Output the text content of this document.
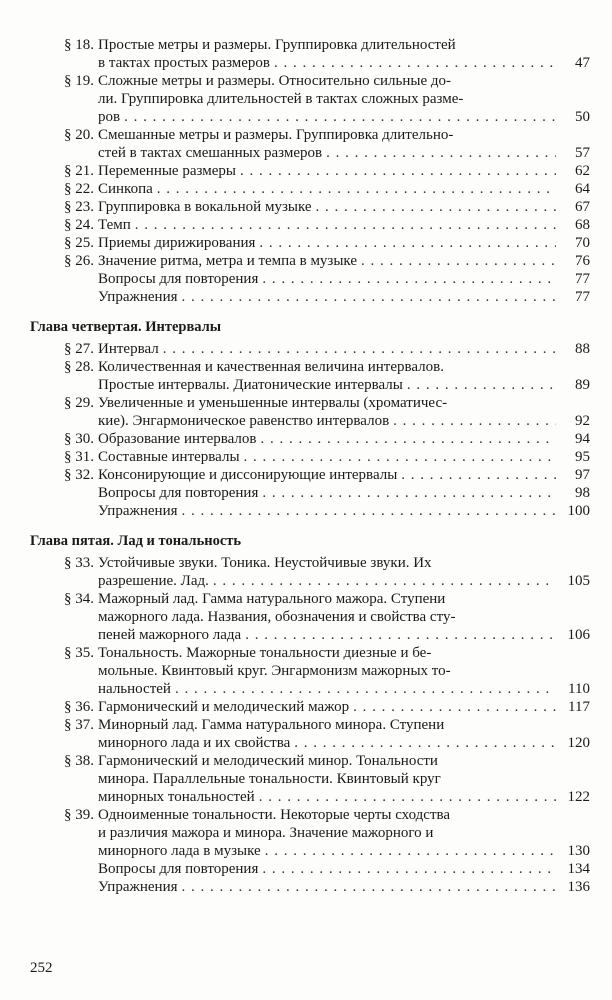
§ 18. Простые метры и размеры. Группировка длительностей
в тактах простых размеров . . .	47
§ 19. Сложные метры и размеры. Относительно сильные до-
ли. Группировка длительностей в тактах сложных разме-
ров . . .	50
§ 20. Смешанные метры и размеры. Группировка длительно-
стей в тактах смешанных размеров . . .	57
§ 21. Переменные размеры . . .	62
§ 22. Синкопа . . .	64
§ 23. Группировка в вокальной музыке . . .	67
§ 24. Темп . . .	68
§ 25. Приемы дирижирования . . .	70
§ 26. Значение ритма, метра и темпа в музыке . . .	76
Вопросы для повторения . . .	77
Упражнения . . .	77
Глава четвертая. Интервалы
§ 27. Интервал . . .	88
§ 28. Количественная и качественная величина интервалов.
Простые интервалы. Диатонические интервалы . . .	89
§ 29. Увеличенные и уменьшенные интервалы (хроматичес-
кие). Энгармоническое равенство интервалов . . .	92
§ 30. Образование интервалов . . .	94
§ 31. Составные интервалы . . .	95
§ 32. Консонирующие и диссонирующие интервалы . . .	97
Вопросы для повторения . . .	98
Упражнения . . .	100
Глава пятая. Лад и тональность
§ 33. Устойчивые звуки. Тоника. Неустойчивые звуки. Их
разрешение. Лад. . . .	105
§ 34. Мажорный лад. Гамма натурального мажора. Ступени
мажорного лада. Названия, обозначения и свойства сту-
пеней мажорного лада . . .	106
§ 35. Тональность. Мажорные тональности диезные и бе-
мольные. Квинтовый круг. Энгармонизм мажорных то-
нальностей . . .	110
§ 36. Гармонический и мелодический мажор . . .	117
§ 37. Минорный лад. Гамма натурального минора. Ступени
минорного лада и их свойства . . .	120
§ 38. Гармонический и мелодический минор. Тональности
минора. Параллельные тональности. Квинтовый круг
минорных тональностей . . .	122
§ 39. Одноименные тональности. Некоторые черты сходства
и различия мажора и минора. Значение мажорного и
минорного лада в музыке . . .	130
Вопросы для повторения . . .	134
Упражнения . . .	136
252
